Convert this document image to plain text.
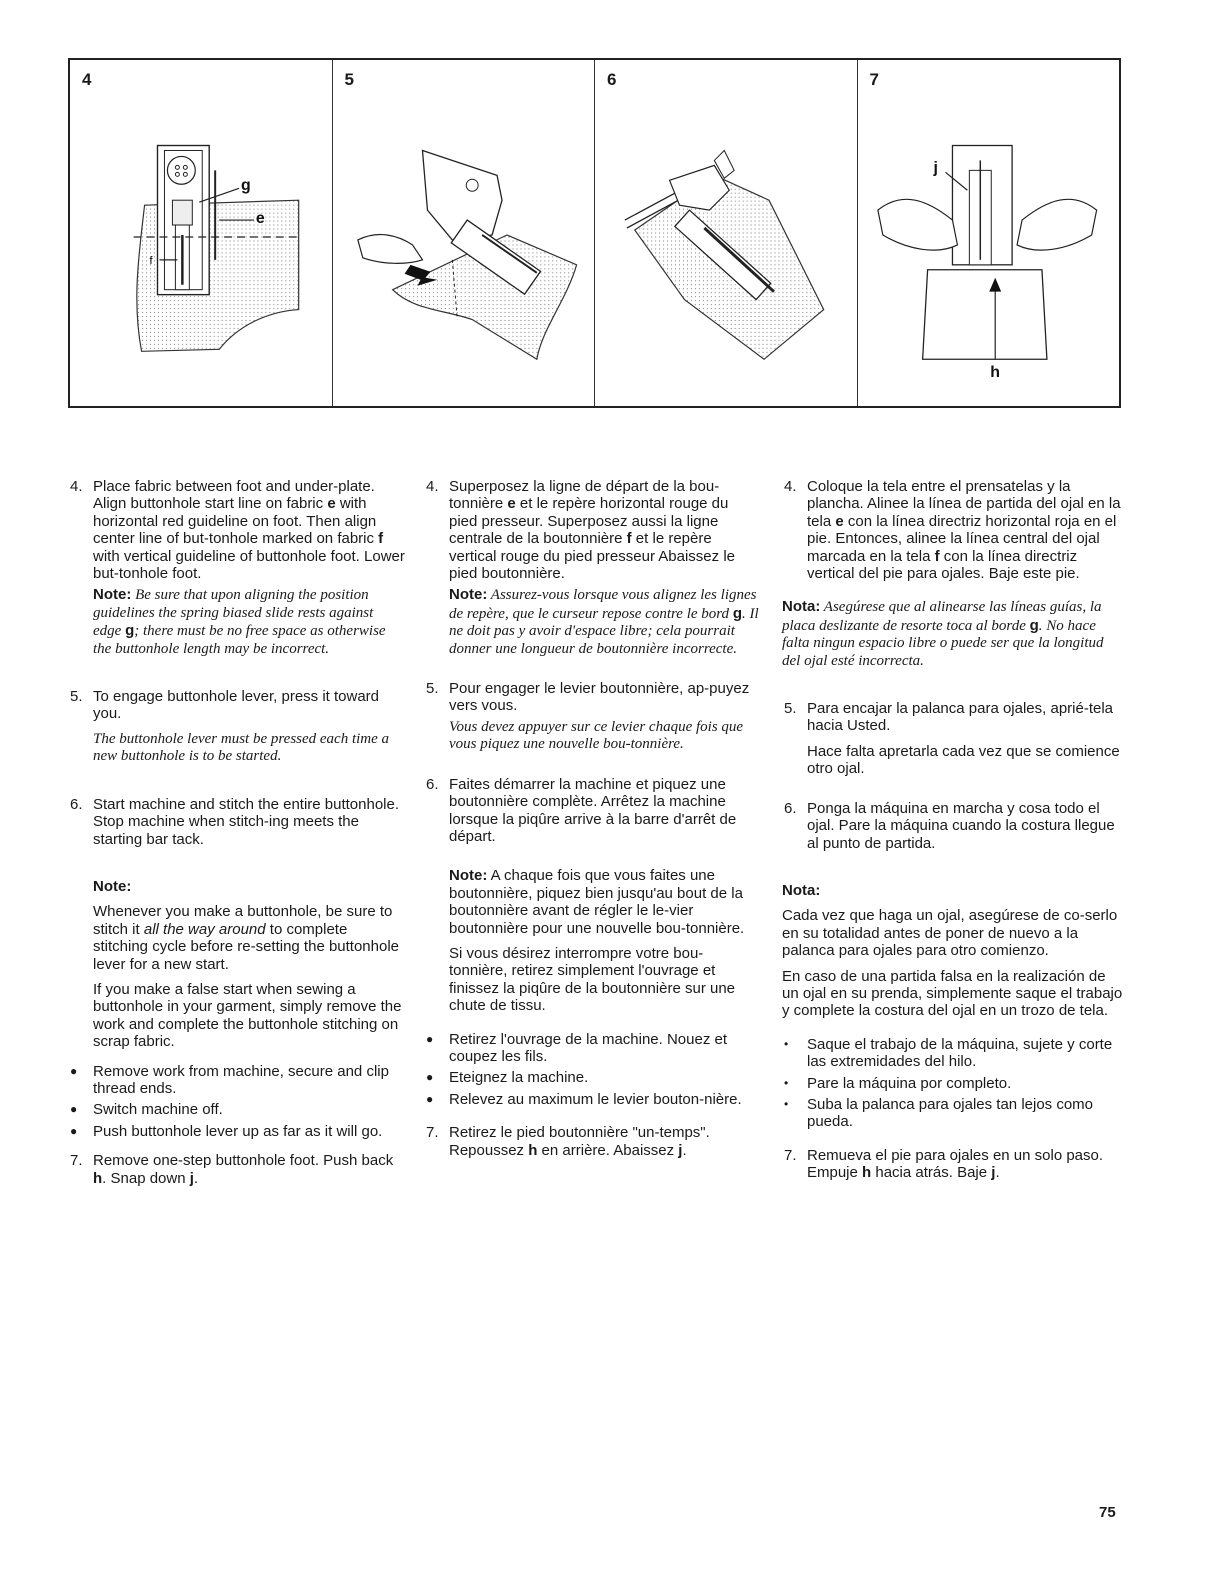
4
g
e
f
5	6	7
j
h
4. Place fabric between foot and under-plate. Align buttonhole start line on fabric e with horizontal red guideline on foot. Then align center line of but-tonhole marked on fabric f with vertical guideline of buttonhole foot. Lower but-tonhole foot.

Note: Be sure that upon aligning the position guidelines the spring biased slide rests against edge g; there must be no free space as otherwise the buttonhole length may be incorrect.

5. To engage buttonhole lever, press it toward you.

The buttonhole lever must be pressed each time a new buttonhole is to be started.

6. Start machine and stitch the entire buttonhole. Stop machine when stitch-ing meets the starting bar tack.

Note:

Whenever you make a buttonhole, be sure to stitch it all the way around to complete stitching cycle before re-setting the buttonhole lever for a new start.

If you make a false start when sewing a buttonhole in your garment, simply remove the work and complete the buttonhole stitching on scrap fabric.

● Remove work from machine, secure and clip thread ends.

● Switch machine off.

● Push buttonhole lever up as far as it will go.

7. Remove one-step buttonhole foot. Push back h. Snap down j.

4. Superposez la ligne de départ de la bou-tonnière e et le repère horizontal rouge du pied presseur. Superposez aussi la ligne centrale de la boutonnière f et le repère vertical rouge du pied presseur Abaissez le pied boutonnière.

Note: Assurez-vous lorsque vous alignez les lignes de repère, que le curseur repose contre le bord g. Il ne doit pas y avoir d'espace libre; cela pourrait donner une longueur de boutonnière incorrecte.

5. Pour engager le levier boutonnière, ap-puyez vers vous.

Vous devez appuyer sur ce levier chaque fois que vous piquez une nouvelle bou-tonnière.

6. Faites démarrer la machine et piquez une boutonnière complète. Arrêtez la machine lorsque la piqûre arrive à la barre d'arrêt de départ.

Note: A chaque fois que vous faites une boutonnière, piquez bien jusqu'au bout de la boutonnière avant de régler le le-vier boutonnière pour une nouvelle bou-tonnière.

Si vous désirez interrompre votre bou-tonnière, retirez simplement l'ouvrage et finissez la piqûre de la boutonnière sur une chute de tissu.

● Retirez l'ouvrage de la machine. Nouez et coupez les fils.

● Eteignez la machine.

● Relevez au maximum le levier bouton-nière.

7. Retirez le pied boutonnière "un-temps". Repoussez h en arrière. Abaissez j.

4. Coloque la tela entre el prensatelas y la plancha. Alinee la línea de partida del ojal en la tela e con la línea directriz horizontal roja en el pie. Entonces, alinee la línea central del ojal marcada en la tela f con la línea directriz vertical del pie para ojales. Baje este pie.

Nota: Asegúrese que al alinearse las líneas guías, la placa deslizante de resorte toca al borde g. No hace falta ningun espacio libre o puede ser que la longitud del ojal esté incorrecta.

5. Para encajar la palanca para ojales, aprié-tela hacia Usted.

Hace falta apretarla cada vez que se comience otro ojal.

6. Ponga la máquina en marcha y cosa todo el ojal. Pare la máquina cuando la costura llegue al punto de partida.

Nota:

Cada vez que haga un ojal, asegúrese de co-serlo en su totalidad antes de poner de nuevo a la palanca para ojales para otro comienzo.

En caso de una partida falsa en la realización de un ojal en su prenda, simplemente saque el trabajo y complete la costura del ojal en un trozo de tela.

• Saque el trabajo de la máquina, sujete y corte las extremidades del hilo.

• Pare la máquina por completo.

• Suba la palanca para ojales tan lejos como pueda.

7. Remueva el pie para ojales en un solo paso. Empuje h hacia atrás. Baje j.

75
